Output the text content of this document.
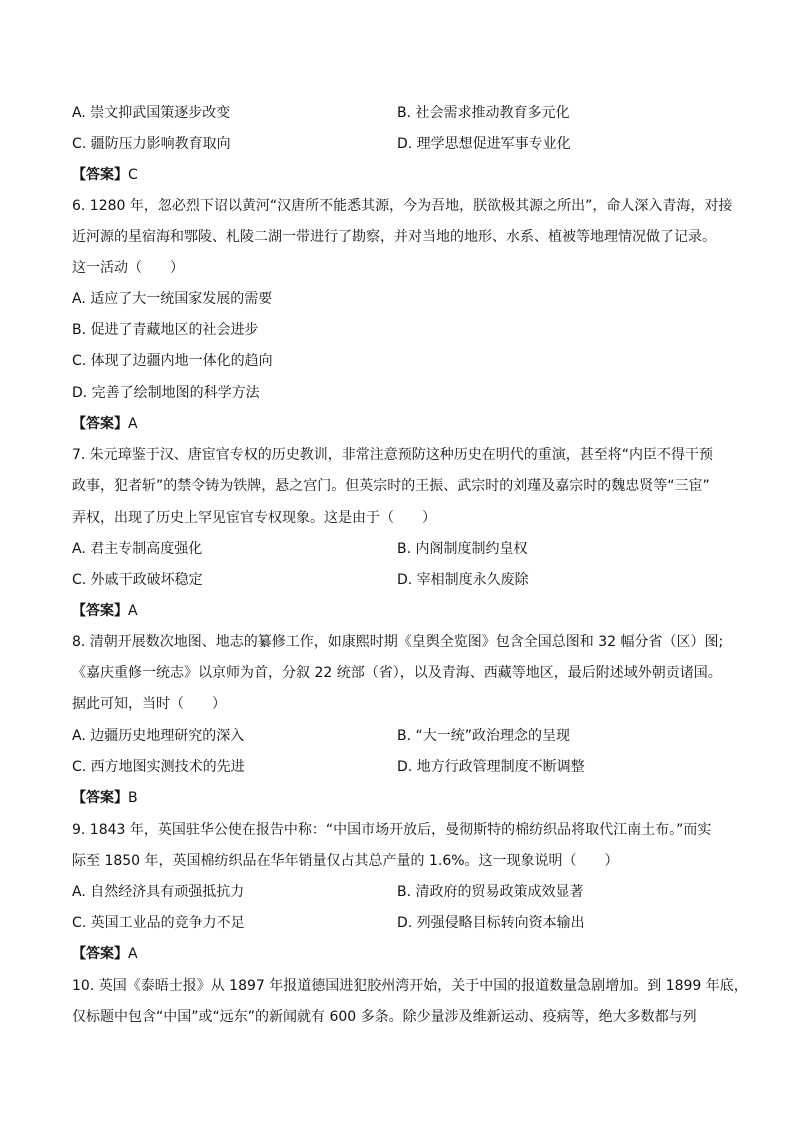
A. 崇文抑武国策逐步改变	B. 社会需求推动教育多元化
C. 疆防压力影响教育取向	D. 理学思想促进军事专业化
【答案】C
6. 1280 年，忽必烈下诏以黄河“汉唐所不能悉其源，今为吾地，朕欲极其源之所出”，命人深入青海，对接
近河源的星宿海和鄂陵、札陵二湖一带进行了勘察，并对当地的地形、水系、植被等地理情况做了记录。
这一活动（　　）
A. 适应了大一统国家发展的需要
B. 促进了青藏地区的社会进步
C. 体现了边疆内地一体化的趋向
D. 完善了绘制地图的科学方法
【答案】A
7. 朱元璋鉴于汉、唐宦官专权的历史教训，非常注意预防这种历史在明代的重演，甚至将“内臣不得干预
政事，犯者斩”的禁令铸为铁牌，悬之宫门。但英宗时的王振、武宗时的刘瑾及嘉宗时的魏忠贤等“三宦”
弄权，出现了历史上罕见宦官专权现象。这是由于（　　）
A. 君主专制高度强化	B. 内阁制度制约皇权
C. 外戚干政破坏稳定	D. 宰相制度永久废除
【答案】A
8. 清朝开展数次地图、地志的纂修工作，如康熙时期《皇舆全览图》包含全国总图和 32 幅分省（区）图;
《嘉庆重修一统志》以京师为首，分叙 22 统部（省），以及青海、西藏等地区，最后附述域外朝贡诸国。
据此可知，当时（　　）
A. 边疆历史地理研究的深入	B. “大一统”政治理念的呈现
C. 西方地图实测技术的先进	D. 地方行政管理制度不断调整
【答案】B
9. 1843 年，英国驻华公使在报告中称：“中国市场开放后，曼彻斯特的棉纺织品将取代江南土布。”而实
际至 1850 年，英国棉纺织品在华年销量仅占其总产量的 1.6%。这一现象说明（　　）
A. 自然经济具有顽强抵抗力	B. 清政府的贸易政策成效显著
C. 英国工业品的竞争力不足	D. 列强侵略目标转向资本输出
【答案】A
10. 英国《泰晤士报》从 1897 年报道德国进犯胶州湾开始，关于中国的报道数量急剧增加。到 1899 年底，
仅标题中包含“中国”或“远东”的新闻就有 600 多条。除少量涉及维新运动、疫病等，绝大多数都与列
